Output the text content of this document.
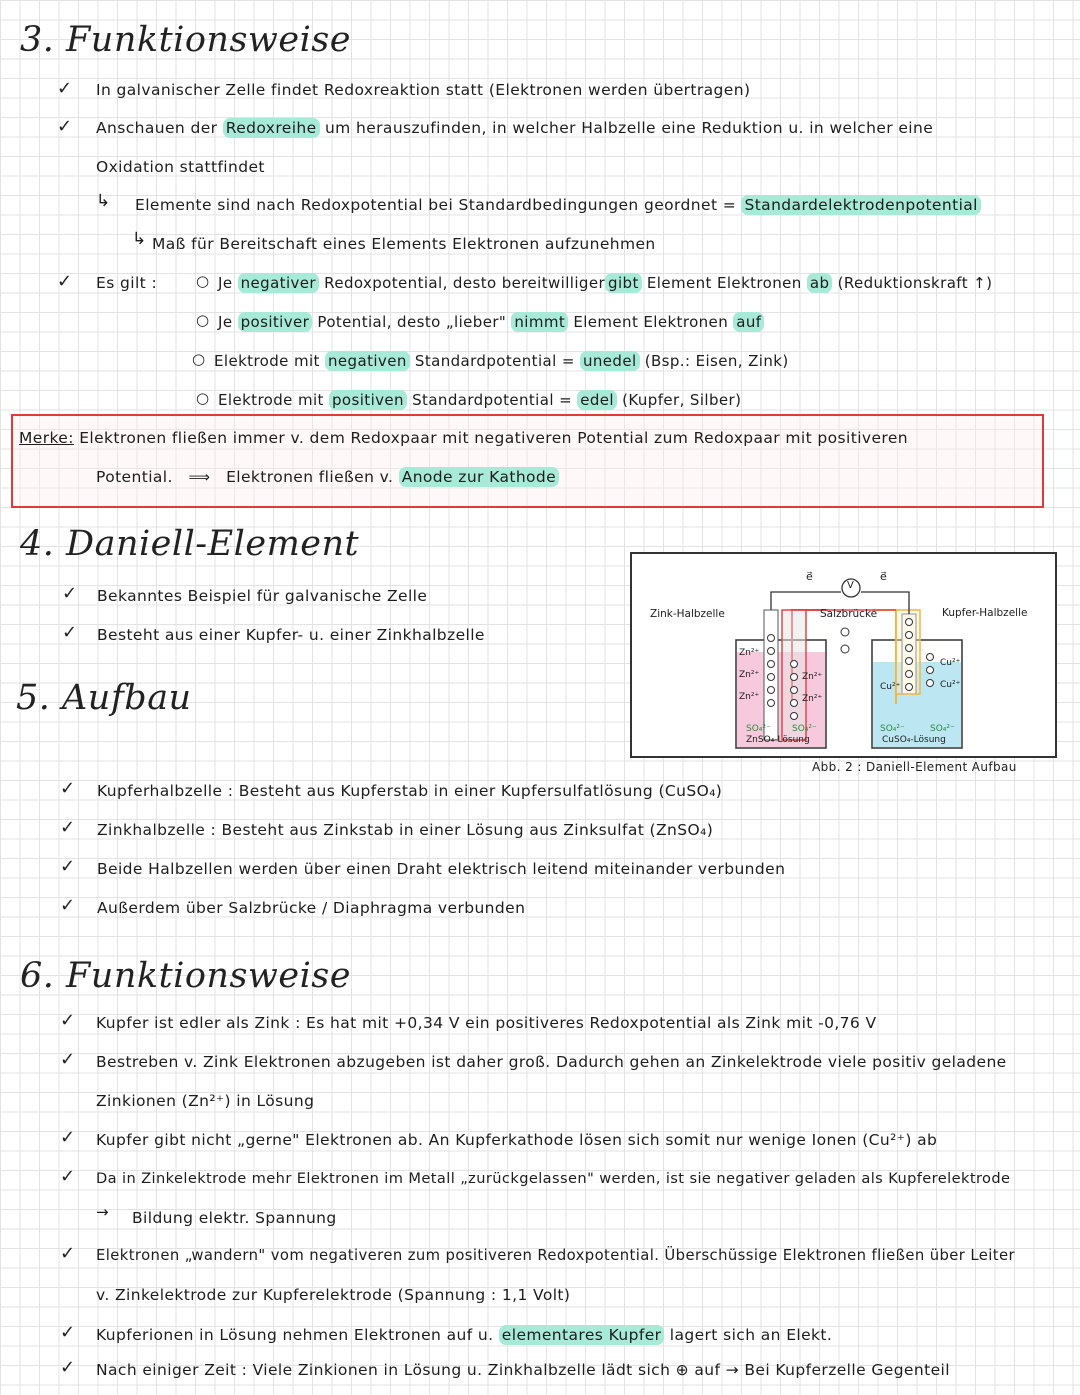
3. Funktionsweise
✓ In galvanischer Zelle findet Redoxreaktion statt (Elektronen werden übertragen)
✓ Anschauen der Redoxreihe um herauszufinden, in welcher Halbzelle eine Reduktion u. in welcher eine
Oxidation stattfindet
↳ Elemente sind nach Redoxpotential bei Standardbedingungen geordnet = Standardelektrodenpotential
↳ Maß für Bereitschaft eines Elements Elektronen aufzunehmen
✓ Es gilt :	○ Je negativer Redoxpotential, desto bereitwilliger gibt Element Elektronen ab (Reduktionskraft ↑)
○ Je positiver Potential, desto „lieber" nimmt Element Elektronen auf
○ Elektrode mit negativen Standardpotential = unedel (Bsp.: Eisen, Zink)
○ Elektrode mit positiven Standardpotential = edel (Kupfer, Silber)
Merke: Elektronen fließen immer v. dem Redoxpaar mit negativeren Potential zum Redoxpaar mit positiveren
Potential.   ⟹   Elektronen fließen v. Anode zur Kathode
4. Daniell-Element
✓ Bekanntes Beispiel für galvanische Zelle
✓ Besteht aus einer Kupfer- u. einer Zinkhalbzelle
5. Aufbau
Zink-Halbzelle	Kupfer-Halbzelle
Salzbrücke
V
e⃗	e⃗
Zn²⁺
Zn²⁺
Zn²⁺
Zn²⁺
Zn²⁺
Cu²⁺
Cu²⁺
Cu²⁺
SO₄²⁻ SO₄²⁻	SO₄²⁻	SO₄²⁻
ZnSO₄-Lösung	CuSO₄-Lösung
Abb. 2 : Daniell-Element Aufbau
✓ Kupferhalbzelle : Besteht aus Kupferstab in einer Kupfersulfatlösung (CuSO₄)
✓ Zinkhalbzelle : Besteht aus Zinkstab in einer Lösung aus Zinksulfat (ZnSO₄)
✓ Beide Halbzellen werden über einen Draht elektrisch leitend miteinander verbunden
✓ Außerdem über Salzbrücke / Diaphragma verbunden
6. Funktionsweise
✓ Kupfer ist edler als Zink : Es hat mit +0,34 V ein positiveres Redoxpotential als Zink mit -0,76 V
✓ Bestreben v. Zink Elektronen abzugeben ist daher groß. Dadurch gehen an Zinkelektrode viele positiv geladene
Zinkionen (Zn²⁺) in Lösung
✓ Kupfer gibt nicht „gerne" Elektronen ab. An Kupferkathode lösen sich somit nur wenige Ionen (Cu²⁺) ab
✓ Da in Zinkelektrode mehr Elektronen im Metall „zurückgelassen" werden, ist sie negativer geladen als Kupferelektrode
→ Bildung elektr. Spannung
✓ Elektronen „wandern" vom negativeren zum positiveren Redoxpotential. Überschüssige Elektronen fließen über Leiter
v. Zinkelektrode zur Kupferelektrode (Spannung : 1,1 Volt)
✓ Kupferionen in Lösung nehmen Elektronen auf u. elementares Kupfer lagert sich an Elekt.
✓ Nach einiger Zeit : Viele Zinkionen in Lösung u. Zinkhalbzelle lädt sich ⊕ auf → Bei Kupferzelle Gegenteil
